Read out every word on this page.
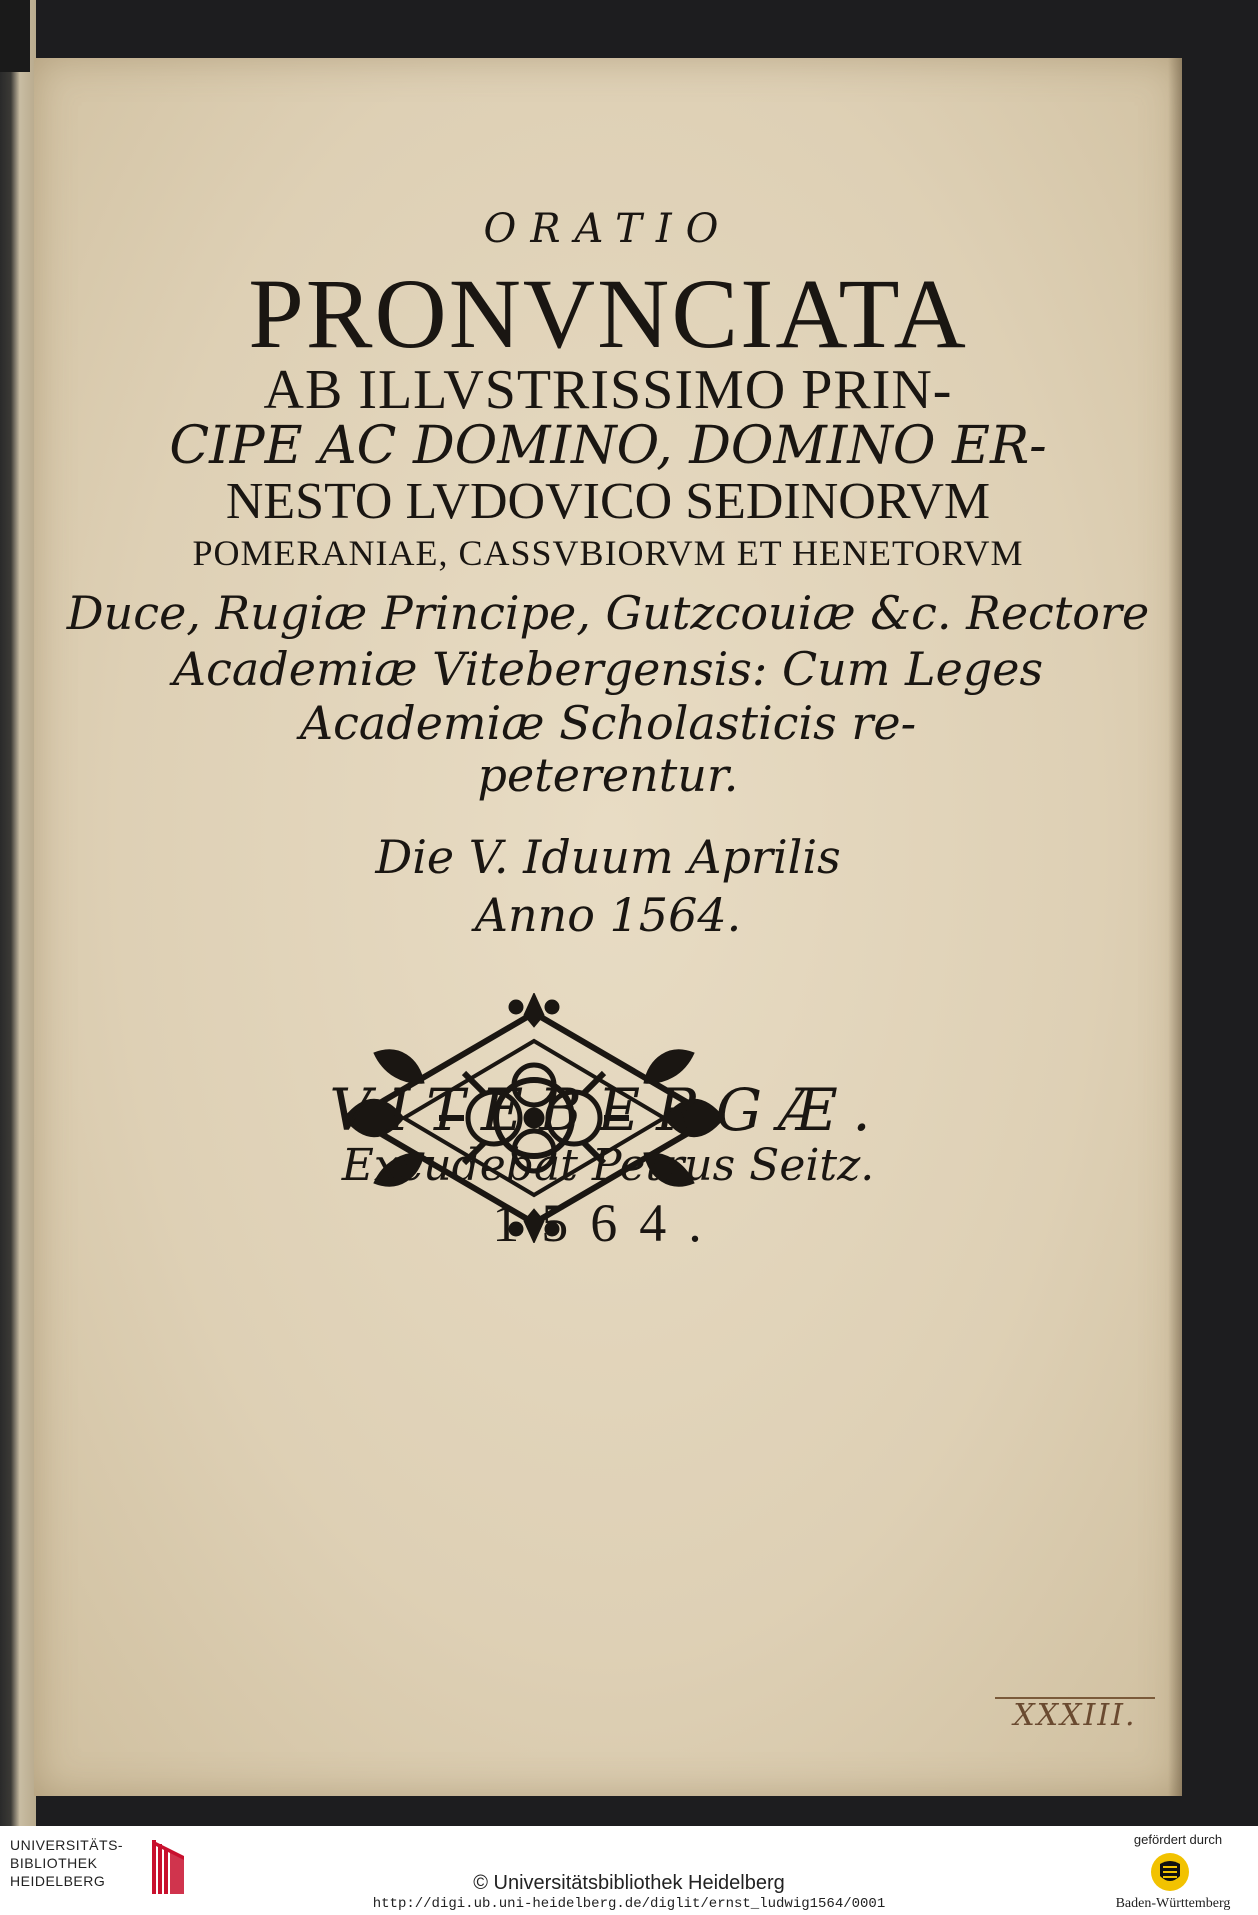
ORATIO
PRONVNCIATA
AB ILLVSTRISSIMO PRIN-
CIPE AC DOMINO, DOMINO ER-
NESTO LVDOVICO SEDINORVM
POMERANIAE, CASSVBIORVM ET HENETORVM
Duce, Rugiæ Principe, Gutzcouiæ &c. Rectore
Academiæ Vitebergensis: Cum Leges
Academiæ Scholasticis re-
peterentur.
Die V. Iduum Aprilis
Anno 1564.
VITEBERGÆ.
Excudebat Petrus Seitz.
1564.
XXXIII.
UNIVERSITÄTS-
BIBLIOTHEK
HEIDELBERG	© Universitätsbibliothek Heidelberg
http://digi.ub.uni-heidelberg.de/diglit/ernst_ludwig1564/0001
gefördert durch
Baden-Württemberg
